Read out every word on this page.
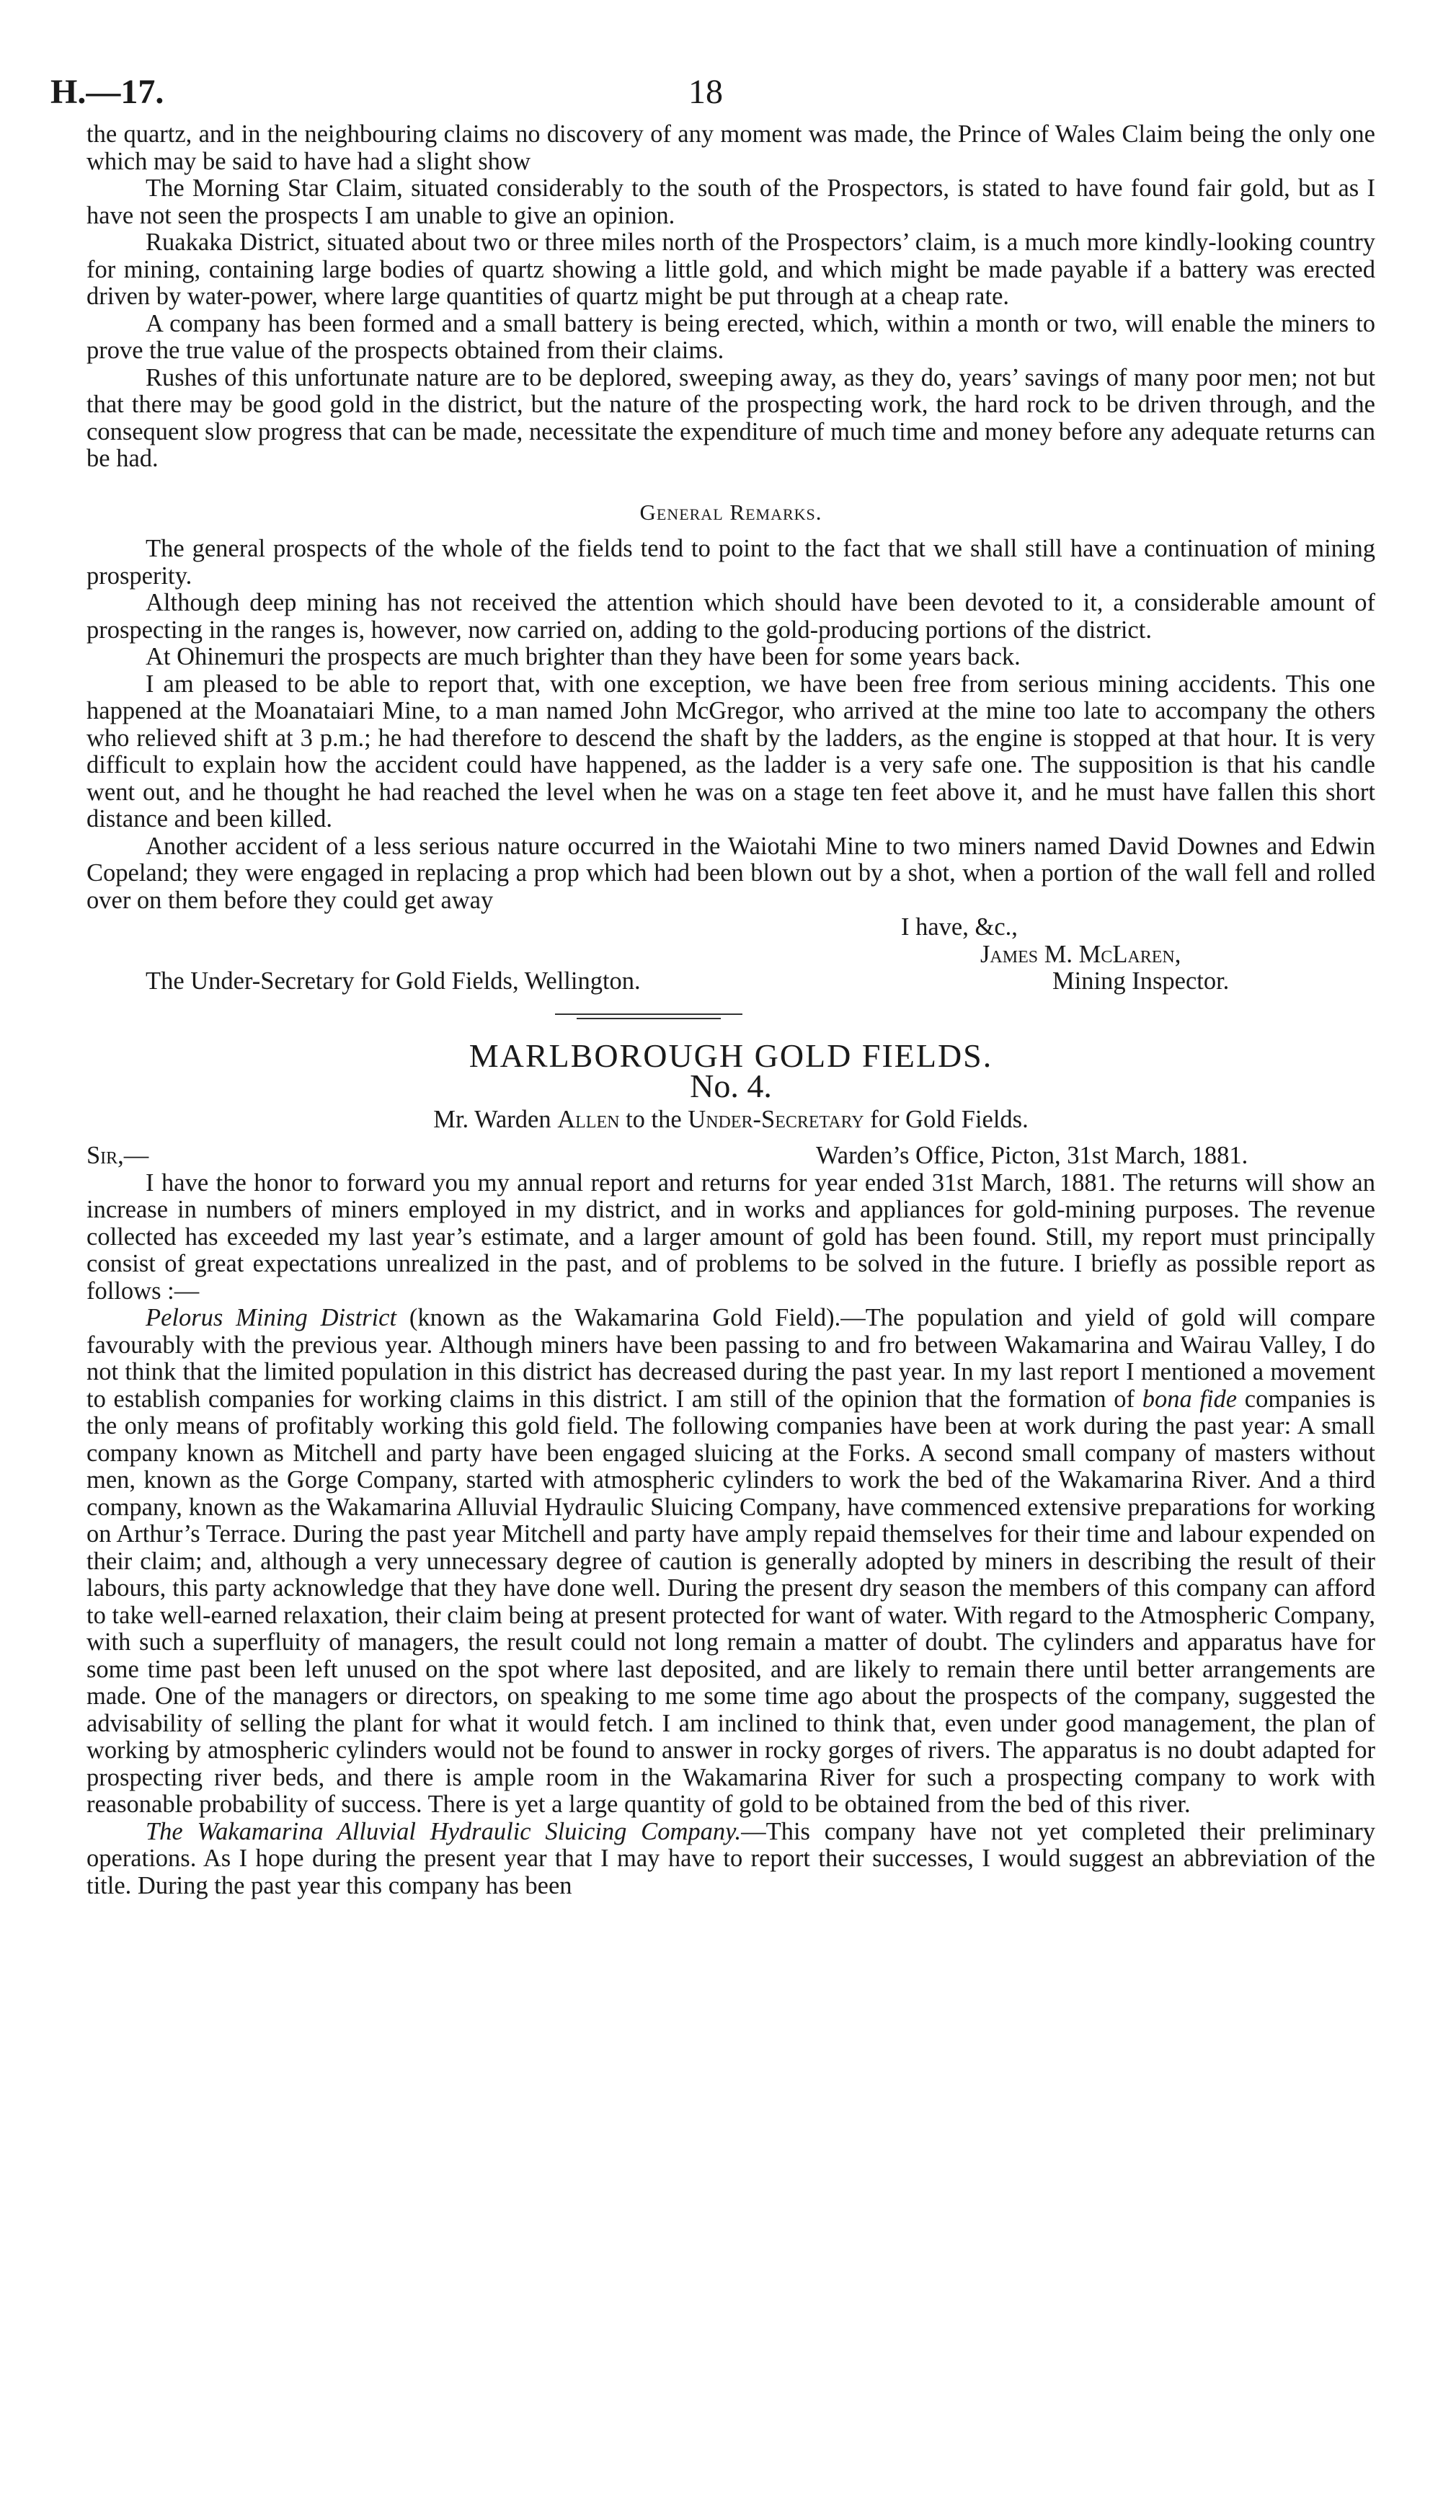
H.—17.	18

the quartz, and in the neighbouring claims no discovery of any moment was made, the Prince of Wales Claim being the only one which may be said to have had a slight show

The Morning Star Claim, situated considerably to the south of the Prospectors, is stated to have found fair gold, but as I have not seen the prospects I am unable to give an opinion.

Ruakaka District, situated about two or three miles north of the Prospectors’ claim, is a much more kindly-looking country for mining, containing large bodies of quartz showing a little gold, and which might be made payable if a battery was erected driven by water-power, where large quantities of quartz might be put through at a cheap rate.

A company has been formed and a small battery is being erected, which, within a month or two, will enable the miners to prove the true value of the prospects obtained from their claims.

Rushes of this unfortunate nature are to be deplored, sweeping away, as they do, years’ savings of many poor men; not but that there may be good gold in the district, but the nature of the prospecting work, the hard rock to be driven through, and the consequent slow progress that can be made, necessitate the expenditure of much time and money before any adequate returns can be had.

General Remarks.

The general prospects of the whole of the fields tend to point to the fact that we shall still have a continuation of mining prosperity.

Although deep mining has not received the attention which should have been devoted to it, a considerable amount of prospecting in the ranges is, however, now carried on, adding to the gold-producing portions of the district.

At Ohinemuri the prospects are much brighter than they have been for some years back.

I am pleased to be able to report that, with one exception, we have been free from serious mining accidents. This one happened at the Moanataiari Mine, to a man named John McGregor, who arrived at the mine too late to accompany the others who relieved shift at 3 p.m.; he had therefore to descend the shaft by the ladders, as the engine is stopped at that hour. It is very difficult to explain how the accident could have happened, as the ladder is a very safe one. The supposition is that his candle went out, and he thought he had reached the level when he was on a stage ten feet above it, and he must have fallen this short distance and been killed.

Another accident of a less serious nature occurred in the Waiotahi Mine to two miners named David Downes and Edwin Copeland; they were engaged in replacing a prop which had been blown out by a shot, when a portion of the wall fell and rolled over on them before they could get away

I have, &c.,
James M. McLaren,
The Under-Secretary for Gold Fields, Wellington.	Mining Inspector.
MARLBOROUGH GOLD FIELDS.
No. 4.
Mr. Warden Allen to the Under-Secretary for Gold Fields.
Sir,—	Warden’s Office, Picton, 31st March, 1881.

I have the honor to forward you my annual report and returns for year ended 31st March, 1881. The returns will show an increase in numbers of miners employed in my district, and in works and appliances for gold-mining purposes. The revenue collected has exceeded my last year’s estimate, and a larger amount of gold has been found. Still, my report must principally consist of great expectations unrealized in the past, and of problems to be solved in the future. I briefly as possible report as follows :—

Pelorus Mining District (known as the Wakamarina Gold Field).—The population and yield of gold will compare favourably with the previous year. Although miners have been passing to and fro between Wakamarina and Wairau Valley, I do not think that the limited population in this district has decreased during the past year. In my last report I mentioned a movement to establish companies for working claims in this district. I am still of the opinion that the formation of bona fide companies is the only means of profitably working this gold field. The following companies have been at work during the past year: A small company known as Mitchell and party have been engaged sluicing at the Forks. A second small company of masters without men, known as the Gorge Company, started with atmospheric cylinders to work the bed of the Wakamarina River. And a third company, known as the Wakamarina Alluvial Hydraulic Sluicing Company, have commenced extensive preparations for working on Arthur’s Terrace. During the past year Mitchell and party have amply repaid themselves for their time and labour expended on their claim; and, although a very unnecessary degree of caution is generally adopted by miners in describing the result of their labours, this party acknowledge that they have done well. During the present dry season the members of this company can afford to take well-earned relaxation, their claim being at present protected for want of water. With regard to the Atmospheric Company, with such a superfluity of managers, the result could not long remain a matter of doubt. The cylinders and apparatus have for some time past been left unused on the spot where last deposited, and are likely to remain there until better arrangements are made. One of the managers or directors, on speaking to me some time ago about the prospects of the company, suggested the advisability of selling the plant for what it would fetch. I am inclined to think that, even under good management, the plan of working by atmospheric cylinders would not be found to answer in rocky gorges of rivers. The apparatus is no doubt adapted for prospecting river beds, and there is ample room in the Wakamarina River for such a prospecting company to work with reasonable probability of success. There is yet a large quantity of gold to be obtained from the bed of this river.

The Wakamarina Alluvial Hydraulic Sluicing Company.—This company have not yet completed their preliminary operations. As I hope during the present year that I may have to report their successes, I would suggest an abbreviation of the title. During the past year this company has been
